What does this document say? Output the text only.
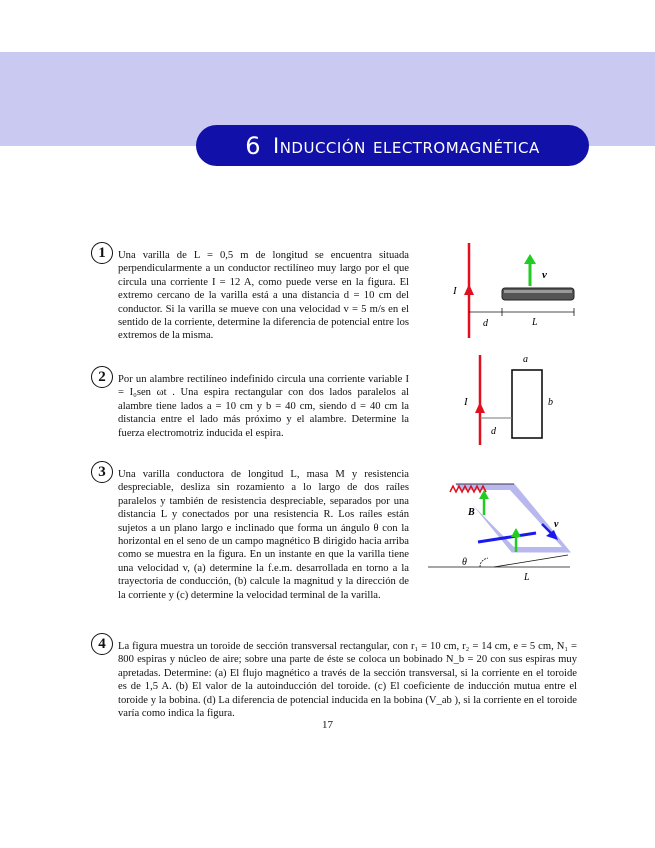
6 Inducción electromagnética
1	Una varilla de L = 0,5 m de longitud se encuentra situada perpendicularmente a un conductor rectilíneo muy largo por el que circula una corriente I = 12 A, como puede verse en la figura. El extremo cercano de la varilla está a una distancia d = 10 cm del conductor. Si la varilla se mueve con una velocidad v = 5 m/s en el sentido de la corriente, determine la diferencia de potencial entre los extremos de la misma.
I
v
d	L
2	Por un alambre rectilíneo indefinido circula una corriente variable I = I₀sen ωt . Una espira rectangular con dos lados paralelos al alambre tiene lados a = 10 cm y b = 40 cm, siendo d = 40 cm la distancia entre el lado más próximo y el alambre. Determine la fuerza electromotriz inducida el espira.
I
a
b
d
3	Una varilla conductora de longitud L, masa M y resistencia despreciable, desliza sin rozamiento a lo largo de dos raíles paralelos y también de resistencia despreciable, separados por una distancia L y conectados por una resistencia R. Los raíles están sujetos a un plano largo e inclinado que forma un ángulo θ con la horizontal en el seno de un campo magnético B dirigido hacia arriba como se muestra en la figura. En un instante en que la varilla tiene una velocidad v, (a) determine la f.e.m. desarrollada en torno a la trayectoria de conducción, (b) calcule la magnitud y la dirección de la corriente y (c) determine la velocidad terminal de la varilla.
B
v
θ
L
4	La figura muestra un toroide de sección transversal rectangular, con r₁ = 10 cm, r₂ = 14 cm, e = 5 cm, N₁ = 800 espiras y núcleo de aire; sobre una parte de éste se coloca un bobinado N_b = 20 con sus espiras muy apretadas. Determine: (a) El flujo magnético a través de la sección transversal, si la corriente en el toroide es de 1,5 A. (b) El valor de la autoinducción del toroide. (c) El coeficiente de inducción mutua entre el toroide y la bobina. (d) La diferencia de potencial inducida en la bobina (V_ab ), si la corriente en el toroide varía como indica la figura.
17
